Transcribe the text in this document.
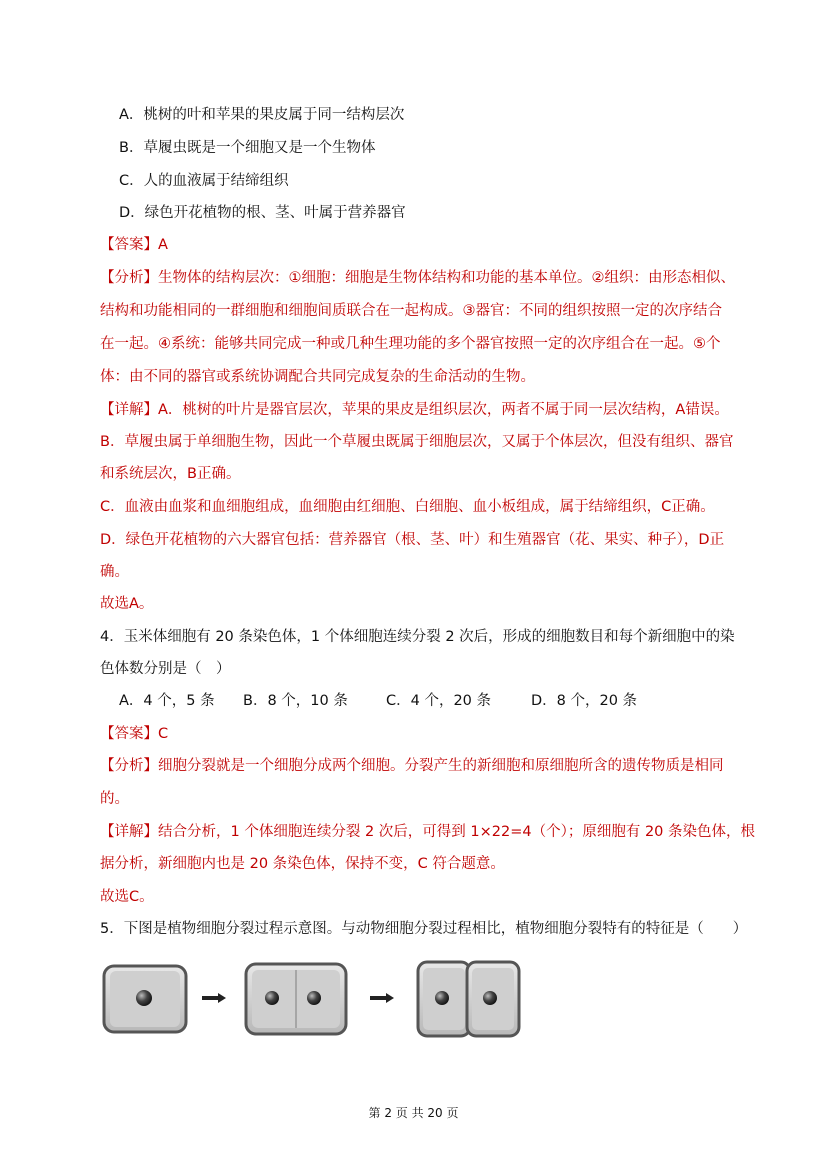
A．桃树的叶和苹果的果皮属于同一结构层次
B．草履虫既是一个细胞又是一个生物体
C．人的血液属于结缔组织
D．绿色开花植物的根、茎、叶属于营养器官
【答案】A
【分析】生物体的结构层次：①细胞：细胞是生物体结构和功能的基本单位。②组织：由形态相似、
结构和功能相同的一群细胞和细胞间质联合在一起构成。③器官：不同的组织按照一定的次序结合
在一起。④系统：能够共同完成一种或几种生理功能的多个器官按照一定的次序组合在一起。⑤个
体：由不同的器官或系统协调配合共同完成复杂的生命活动的生物。
【详解】A．桃树的叶片是器官层次，苹果的果皮是组织层次，两者不属于同一层次结构，A错误。
B．草履虫属于单细胞生物，因此一个草履虫既属于细胞层次，又属于个体层次，但没有组织、器官
和系统层次，B正确。
C．血液由血浆和血细胞组成，血细胞由红细胞、白细胞、血小板组成，属于结缔组织，C正确。
D．绿色开花植物的六大器官包括：营养器官（根、茎、叶）和生殖器官（花、果实、种子），D正
确。
故选A。
4．玉米体细胞有 20 条染色体，1 个体细胞连续分裂 2 次后，形成的细胞数目和每个新细胞中的染
色体数分别是（　）
A．4 个，5 条 B．8 个，10 条	C．4 个，20 条	D．8 个，20 条
【答案】C
【分析】细胞分裂就是一个细胞分成两个细胞。分裂产生的新细胞和原细胞所含的遗传物质是相同
的。
【详解】结合分析，1 个体细胞连续分裂 2 次后，可得到 1×22=4（个）；原细胞有 20 条染色体，根
据分析，新细胞内也是 20 条染色体，保持不变，C 符合题意。
故选C。
5．下图是植物细胞分裂过程示意图。与动物细胞分裂过程相比，植物细胞分裂特有的特征是（　　）
第 2 页 共 20 页
